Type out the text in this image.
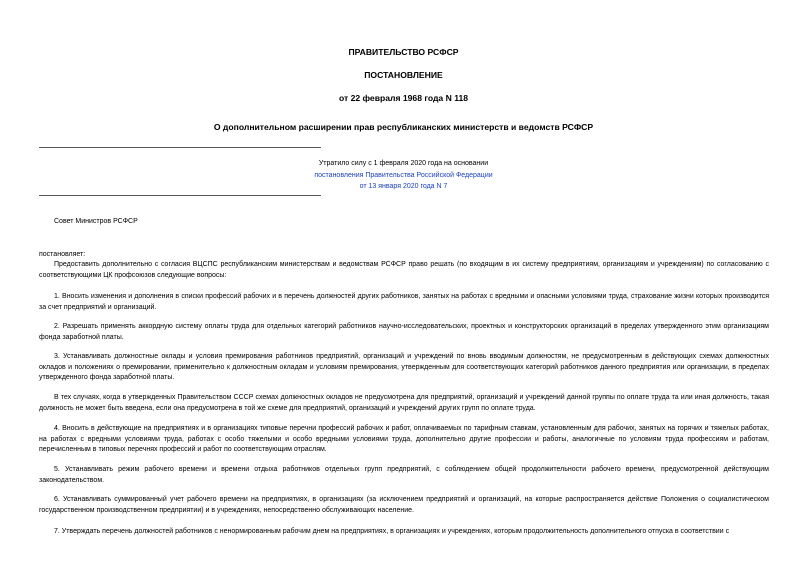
ПРАВИТЕЛЬСТВО РСФСР
ПОСТАНОВЛЕНИЕ
от 22 февраля 1968 года N 118
О дополнительном расширении прав республиканских министерств и ведомств РСФСР
Утратило силу с 1 февраля 2020 года на основании
постановления Правительства Российской Федерации
от 13 января 2020 года N 7
Совет Министров РСФСР
постановляет:
Предоставить дополнительно с согласия ВЦСПС республиканским министерствам и ведомствам РСФСР право решать (по входящим в их систему предприятиям, организациям и учреждениям) по согласованию с соответствующими ЦК профсоюзов следующие вопросы:
1. Вносить изменения и дополнения в списки профессий рабочих и в перечень должностей других работников, занятых на работах с вредными и опасными условиями труда, страхование жизни которых производится за счет предприятий и организаций.
2. Разрешать применять аккордную систему оплаты труда для отдельных категорий работников научно-исследовательских, проектных и конструкторских организаций в пределах утвержденного этим организациям фонда заработной платы.
3. Устанавливать должностные оклады и условия премирования работников предприятий, организаций и учреждений по вновь вводимым должностям, не предусмотренным в действующих схемах должностных окладов и положениях о премировании, применительно к должностным окладам и условиям премирования, утвержденным для соответствующих категорий работников данного предприятия или организации, в пределах утвержденного фонда заработной платы.
В тех случаях, когда в утвержденных Правительством СССР схемах должностных окладов не предусмотрена для предприятий, организаций и учреждений данной группы по оплате труда та или иная должность, такая должность не может быть введена, если она предусмотрена в той же схеме для предприятий, организаций и учреждений других групп по оплате труда.
4. Вносить в действующие на предприятиях и в организациях типовые перечни профессий рабочих и работ, оплачиваемых по тарифным ставкам, установленным для рабочих, занятых на горячих и тяжелых работах, на работах с вредными условиями труда, работах с особо тяжелыми и особо вредными условиями труда, дополнительно другие профессии и работы, аналогичные по условиям труда профессиям и работам, перечисленным в типовых перечнях профессий и работ по соответствующим отраслям.
5. Устанавливать режим рабочего времени и времени отдыха работников отдельных групп предприятий, с соблюдением общей продолжительности рабочего времени, предусмотренной действующим законодательством.
6. Устанавливать суммированный учет рабочего времени на предприятиях, в организациях (за исключением предприятий и организаций, на которые распространяется действие Положения о социалистическом государственном производственном предприятии) и в учреждениях, непосредственно обслуживающих население.
7. Утверждать перечень должностей работников с ненормированным рабочим днем на предприятиях, в организациях и учреждениях, которым продолжительность дополнительного отпуска в соответствии с
